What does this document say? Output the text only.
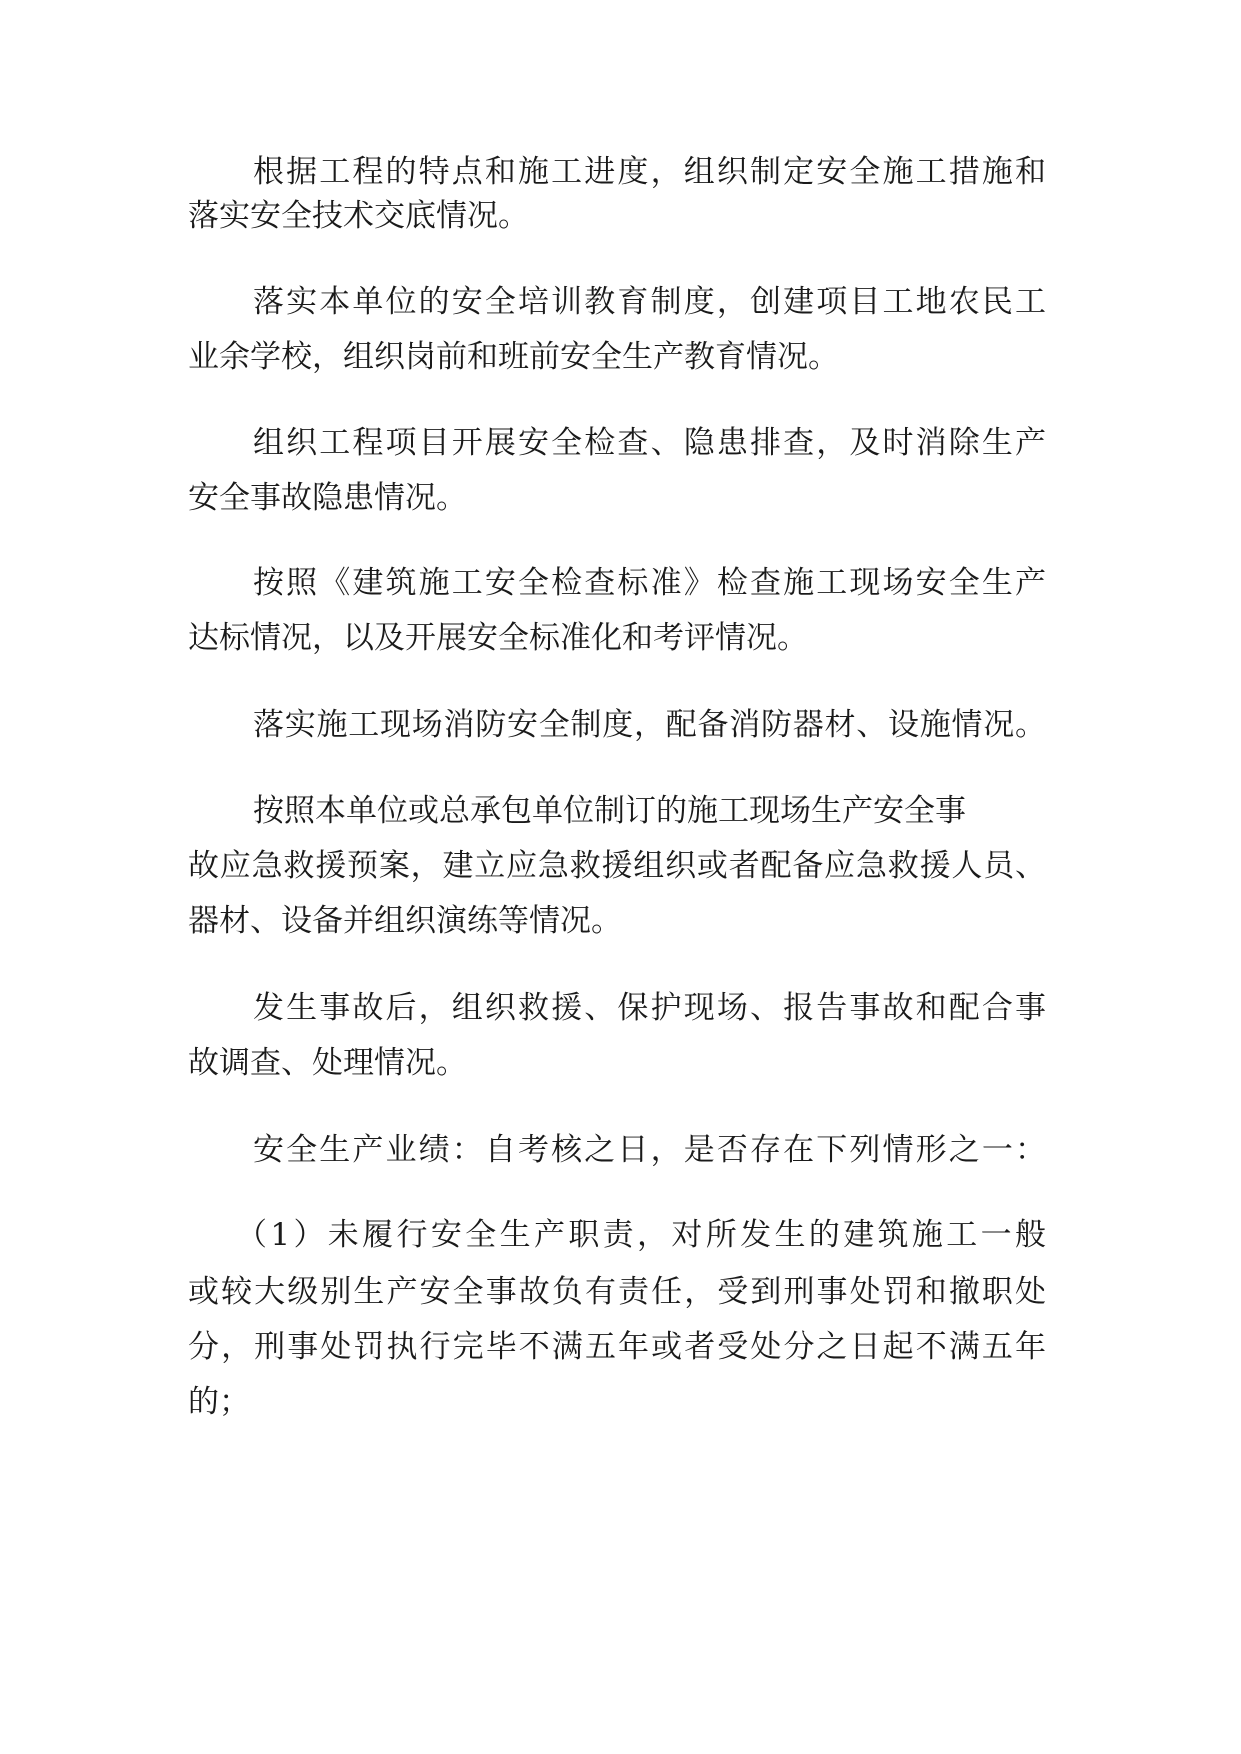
根据工程的特点和施工进度，组织制定安全施工措施和

落实安全技术交底情况。

落实本单位的安全培训教育制度，创建项目工地农民工

业余学校，组织岗前和班前安全生产教育情况。

组织工程项目开展安全检查、隐患排查，及时消除生产

安全事故隐患情况。

按照《建筑施工安全检查标准》检查施工现场安全生产

达标情况，以及开展安全标准化和考评情况。

落实施工现场消防安全制度，配备消防器材、设施情况。

按照本单位或总承包单位制订的施工现场生产安全事

故应急救援预案，建立应急救援组织或者配备应急救援人员、

器材、设备并组织演练等情况。

发生事故后，组织救援、保护现场、报告事故和配合事

故调查、处理情况。

安全生产业绩：自考核之日，是否存在下列情形之一：

（1）未履行安全生产职责，对所发生的建筑施工一般

或较大级别生产安全事故负有责任，受到刑事处罚和撤职处

分，刑事处罚执行完毕不满五年或者受处分之日起不满五年

的；
